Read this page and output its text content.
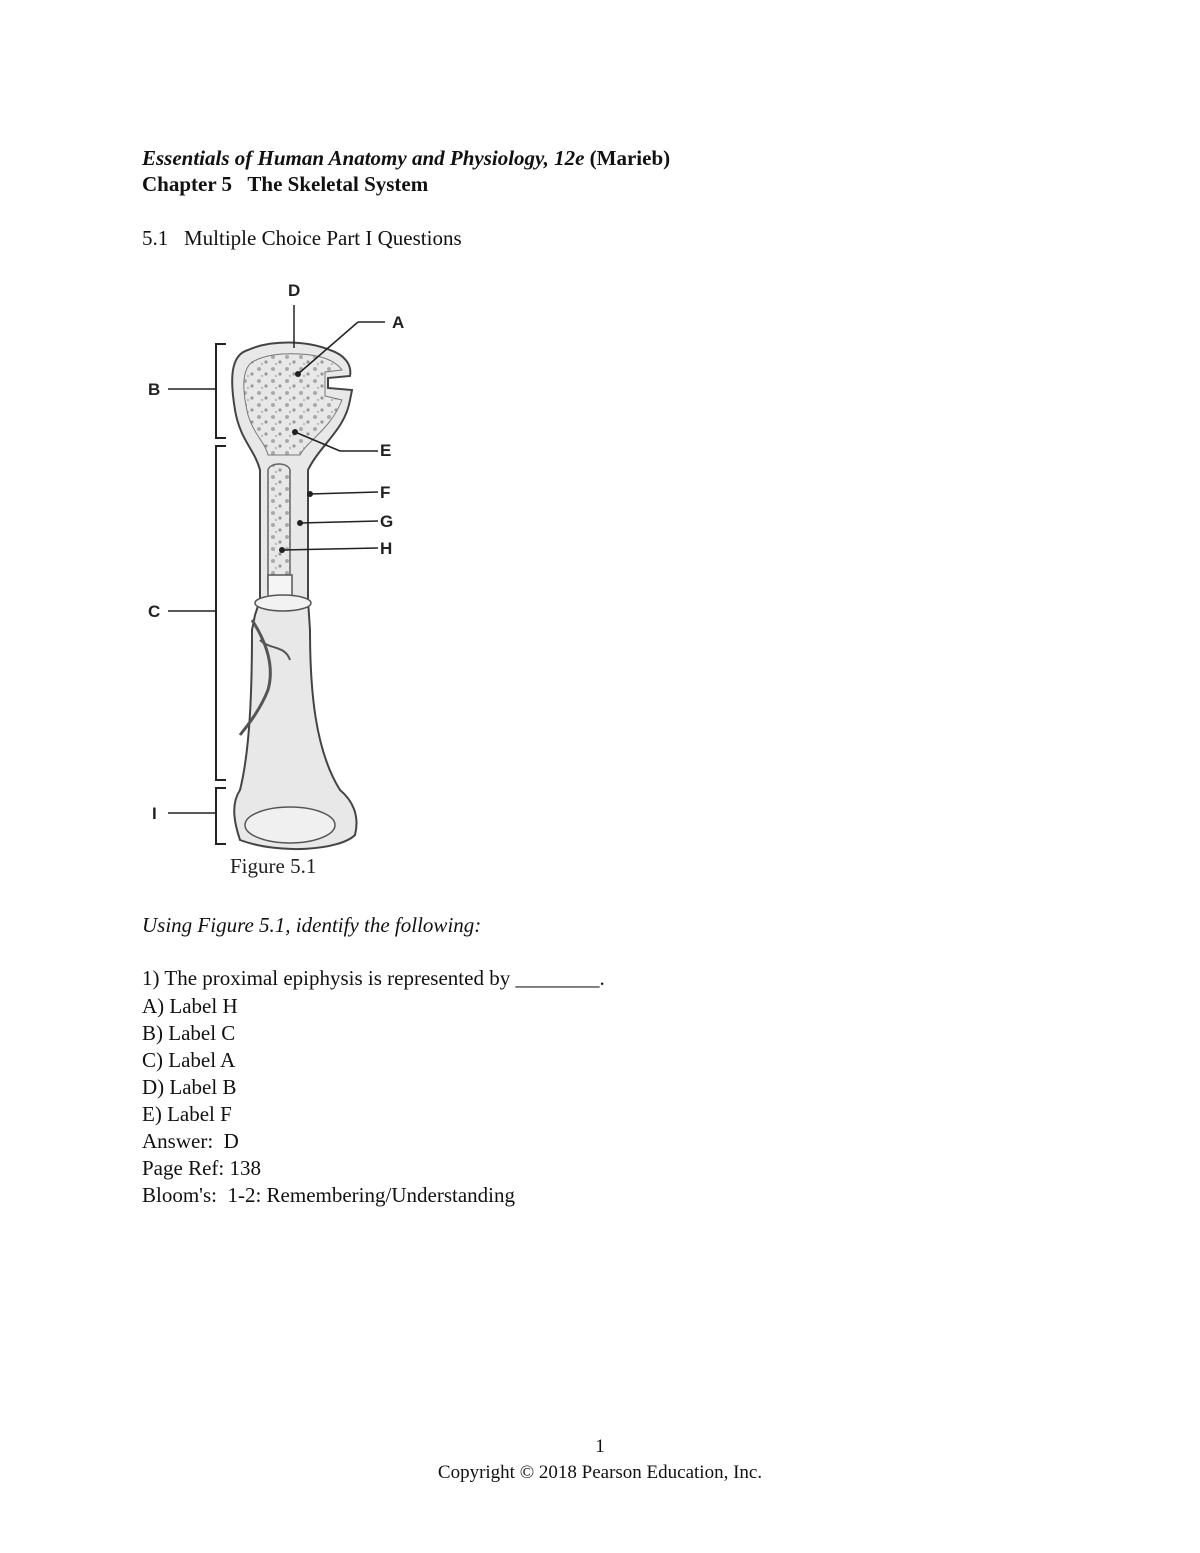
Essentials of Human Anatomy and Physiology, 12e (Marieb)
Chapter 5   The Skeletal System
5.1   Multiple Choice Part I Questions
D
A
B
E
F
G
H
C
I
Figure 5.1
Using Figure 5.1, identify the following:
1) The proximal epiphysis is represented by ________.
A) Label H
B) Label C
C) Label A
D) Label B
E) Label F
Answer:  D
Page Ref: 138
Bloom's:  1-2: Remembering/Understanding
1
Copyright © 2018 Pearson Education, Inc.
